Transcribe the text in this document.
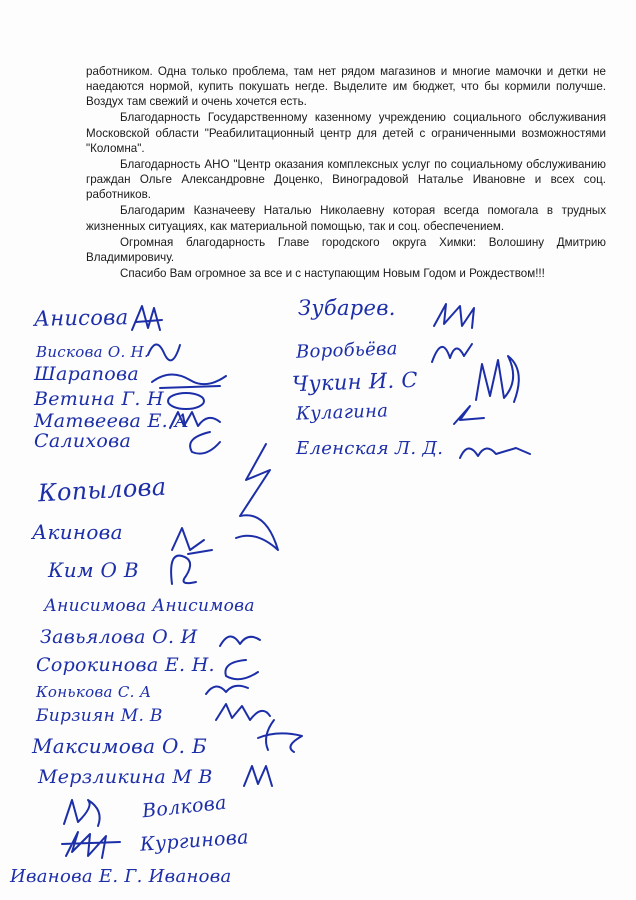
работником. Одна только проблема, там нет рядом магазинов и многие мамочки и детки не наедаются нормой, купить покушать негде. Выделите им бюджет, что бы кормили получше. Воздух там свежий и очень хочется есть.

Благодарность Государственному казенному учреждению социального обслуживания Московской области "Реабилитационный центр для детей с ограниченными возможностями "Коломна".

Благодарность АНО "Центр оказания комплексных услуг по социальному обслуживанию граждан Ольге Александровне Доценко, Виноградовой Наталье Ивановне и всех соц. работников.

Благодарим Казначееву Наталью Николаевну которая всегда помогала в трудных жизненных ситуациях, как материальной помощью, так и соц. обеспечением.

Огромная благодарность Главе городского округа Химки: Волошину Дмитрию Владимировичу.

Спасибо Вам огромное за все и с наступающим Новым Годом и Рождеством!!!

Анисова	Зубарев.
Вискова О. Н.	Воробьёва
Шарапова	Чукин И. С
Ветина Г. Н
Кулагина
Матвеева Е. А
Еленская Л. Д.
Салихова
Копылова
Акинова
Ким О В
Анисимова Анисимова
Завьялова О. И
Сорокинова Е. Н.
Конькова С. А
Бирзиян М. В
Максимова О. Б
Мерзликина М В
Волкова
Кургинова
Иванова Е. Г. Иванова
